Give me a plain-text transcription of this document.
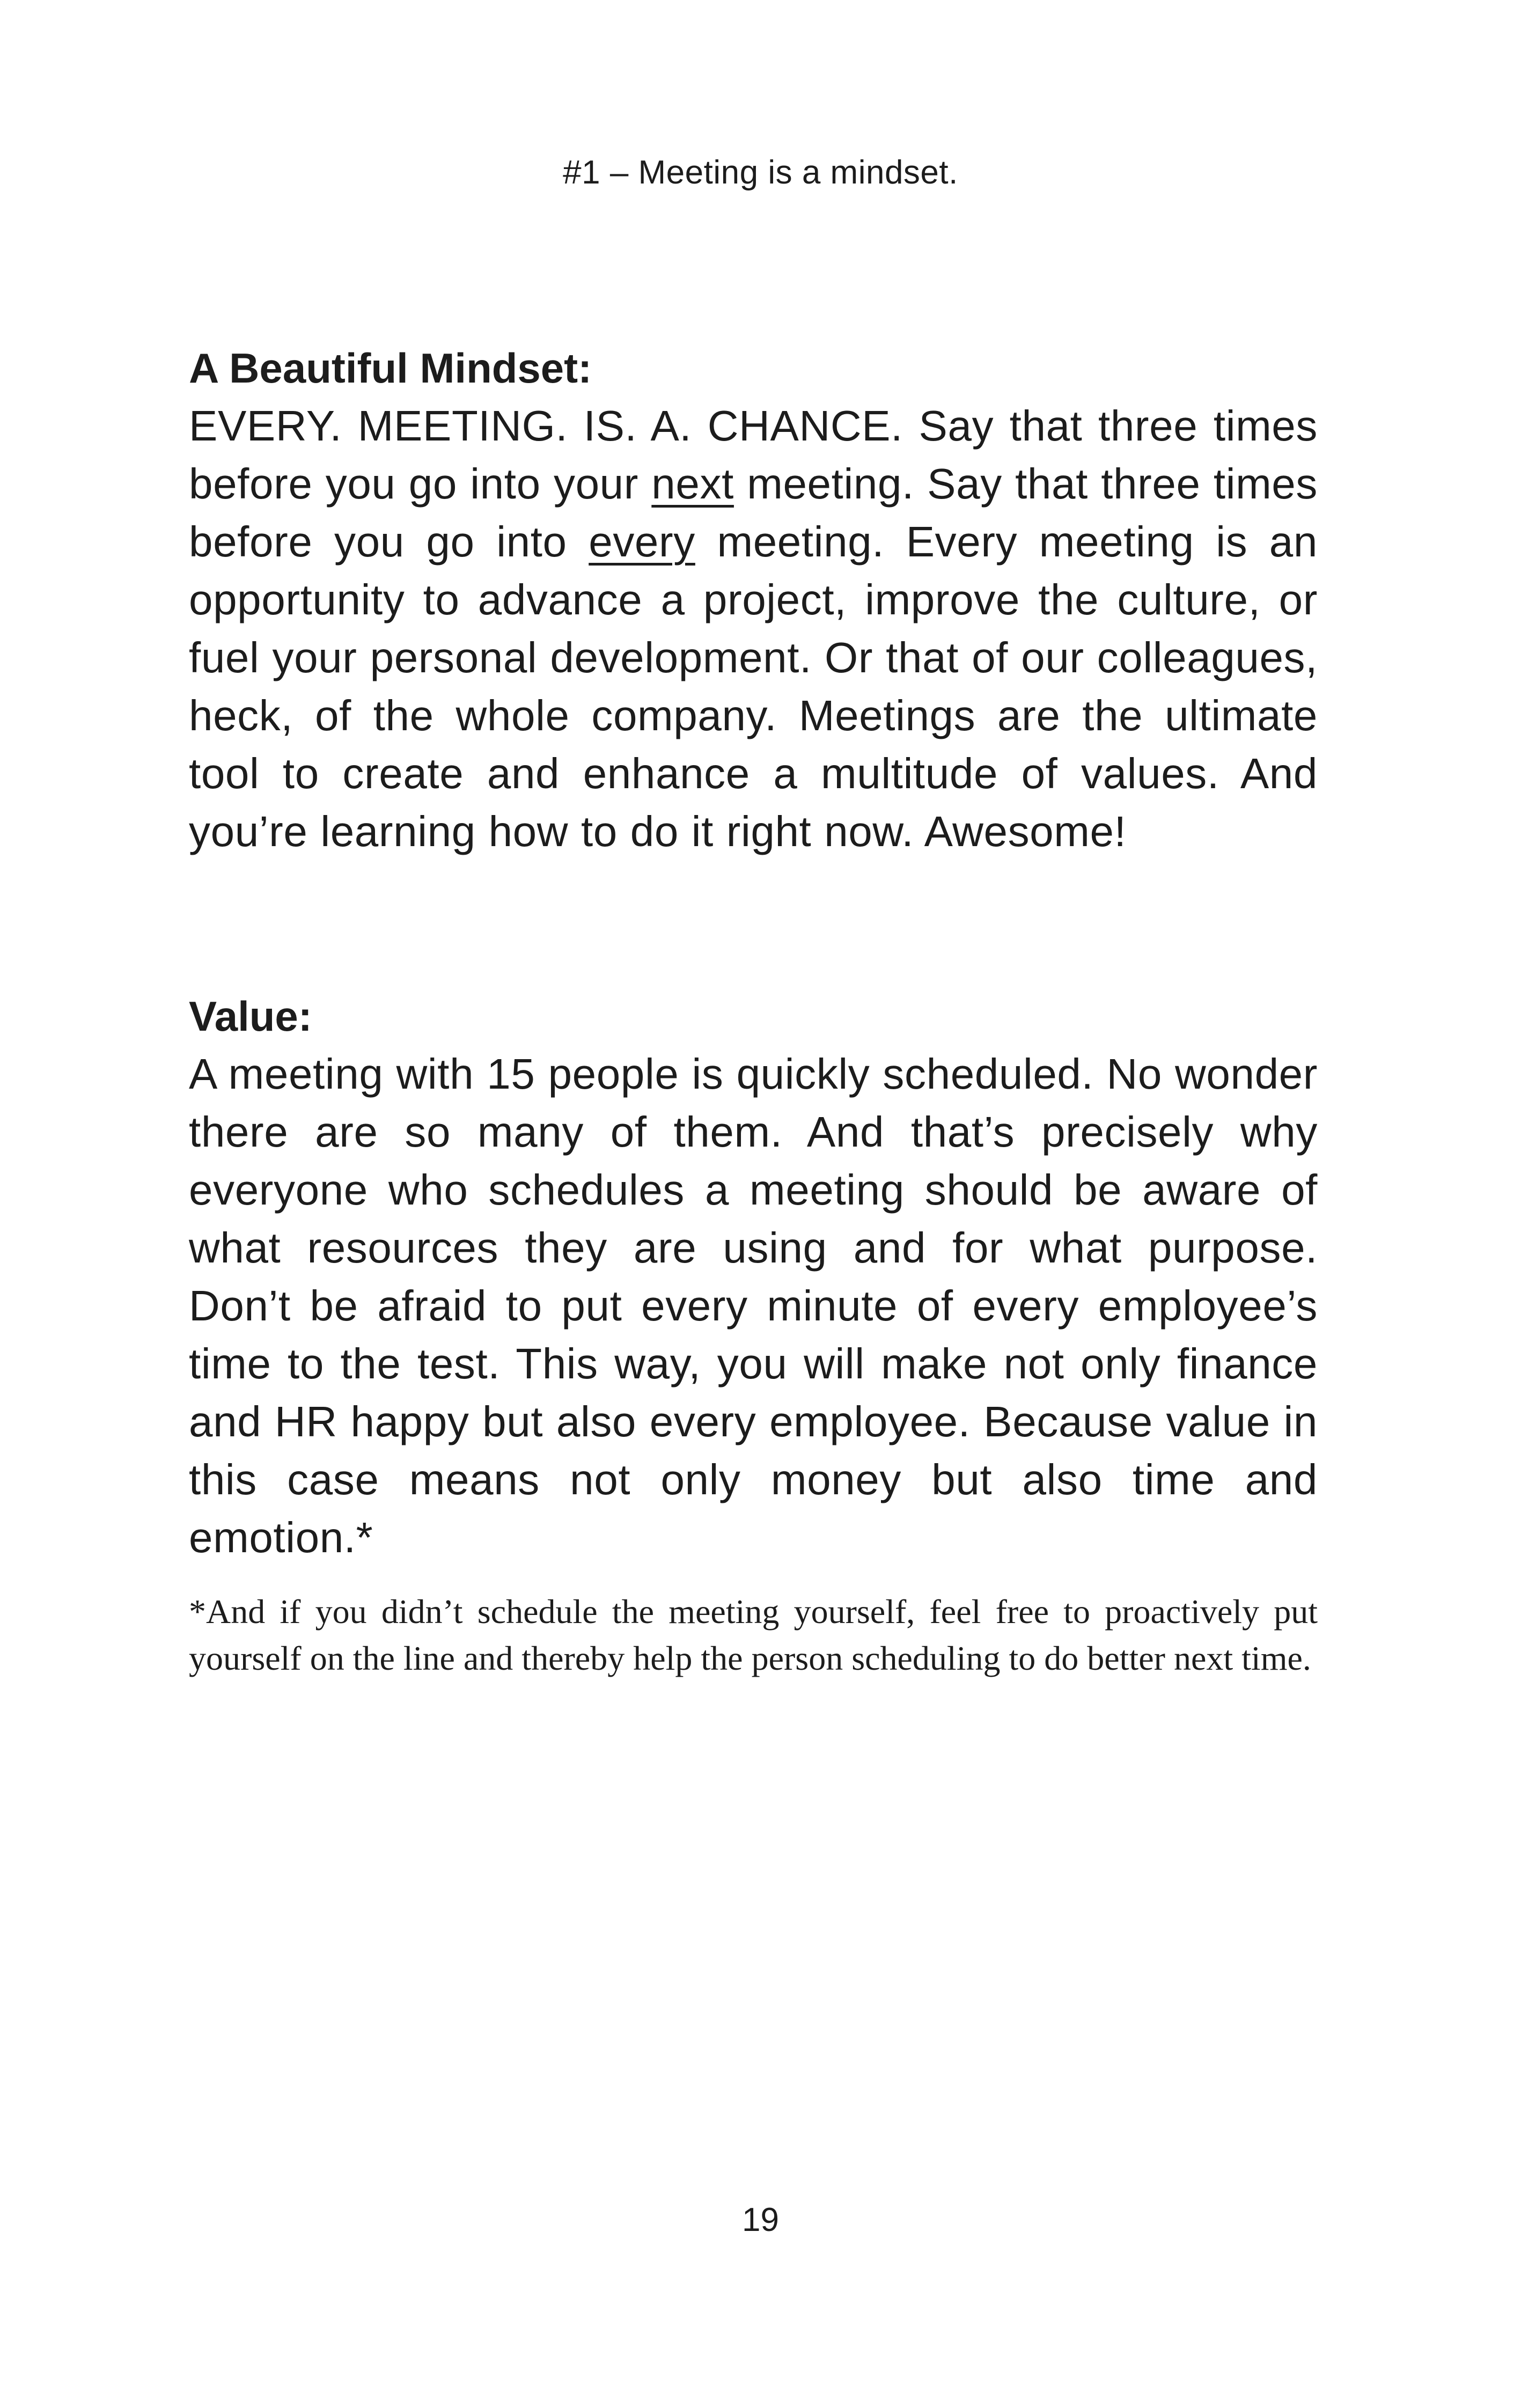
#1 – Meeting is a mindset.

A Beautiful Mindset:

EVERY. MEETING. IS. A. CHANCE. Say that three times before you go into your next meeting. Say that three times before you go into every meeting. Every meeting is an opportunity to advance a project, improve the culture, or fuel your personal development. Or that of our colleagues, heck, of the whole company. Meetings are the ultimate tool to create and enhance a multitude of values. And you’re learning how to do it right now. Awesome!

Value:

A meeting with 15 people is quickly scheduled. No wonder there are so many of them. And that’s precisely why everyone who schedules a meeting should be aware of what resources they are using and for what purpose. Don’t be afraid to put every minute of every employee’s time to the test. This way, you will make not only finance and HR happy but also every employee. Because value in this case means not only money but also time and emotion.*

*And if you didn’t schedule the meeting yourself, feel free to proactively put yourself on the line and thereby help the person scheduling to do better next time.

19
